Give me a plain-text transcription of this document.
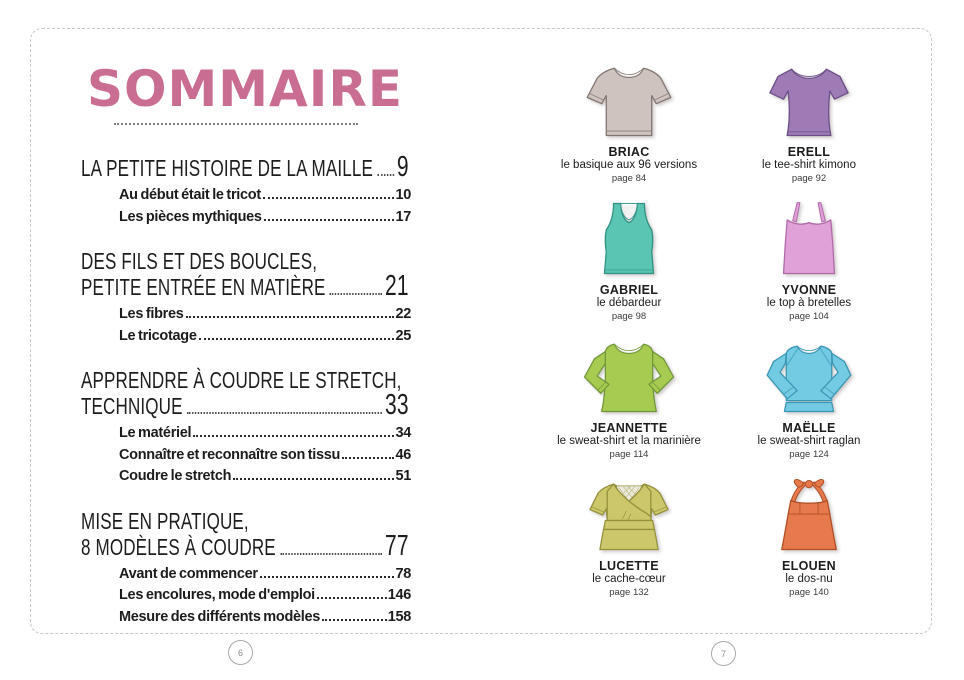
SOMMAIRE
LA PETITE HISTOIRE DE LA MAILLE 9
Au début était le tricot	10
Les pièces mythiques	17
DES FILS ET DES BOUCLES,
PETITE ENTRÉE EN MATIÈRE 21
Les fibres	22
Le tricotage	25
APPRENDRE À COUDRE LE STRETCH,
TECHNIQUE	33
Le matériel	34
Connaître et reconnaître son tissu	46
Coudre le stretch	51
MISE EN PRATIQUE,
8 MODÈLES À COUDRE	77
Avant de commencer	78
Les encolures, mode d'emploi	146
Mesure des différents modèles	158
BRIAC
le basique aux 96 versions
page 84
ERELL
le tee-shirt kimono
page 92
GABRIEL
le débardeur
page 98
YVONNE
le top à bretelles
page 104
JEANNETTE
le sweat-shirt et la marinière
page 114
MAËLLE
le sweat-shirt raglan
page 124
LUCETTE
le cache-cœur
page 132
ELOUEN
le dos-nu
page 140
6	7
